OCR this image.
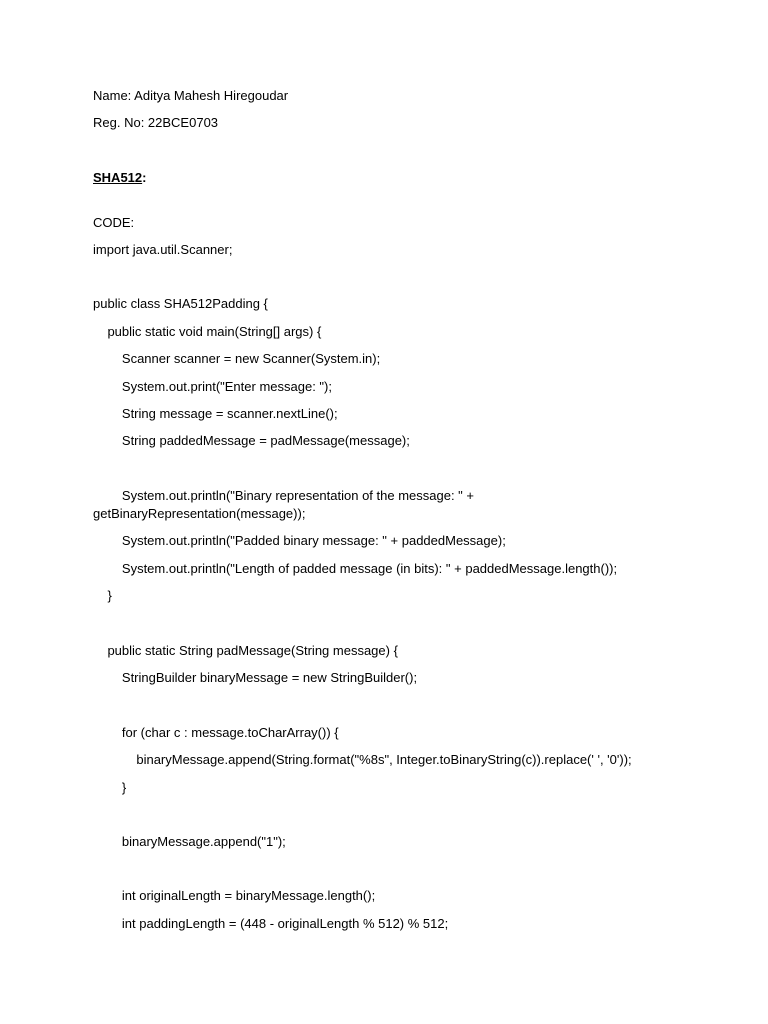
Name: Aditya Mahesh Hiregoudar
Reg. No: 22BCE0703
SHA512:
CODE:
import java.util.Scanner;
public class SHA512Padding {
public static void main(String[] args) {
Scanner scanner = new Scanner(System.in);
System.out.print("Enter message: ");
String message = scanner.nextLine();
String paddedMessage = padMessage(message);
System.out.println("Binary representation of the message: " +
getBinaryRepresentation(message));
System.out.println("Padded binary message: " + paddedMessage);
System.out.println("Length of padded message (in bits): " + paddedMessage.length());
}
public static String padMessage(String message) {
StringBuilder binaryMessage = new StringBuilder();
for (char c : message.toCharArray()) {
binaryMessage.append(String.format("%8s", Integer.toBinaryString(c)).replace(' ', '0'));
}
binaryMessage.append("1");
int originalLength = binaryMessage.length();
int paddingLength = (448 - originalLength % 512) % 512;
